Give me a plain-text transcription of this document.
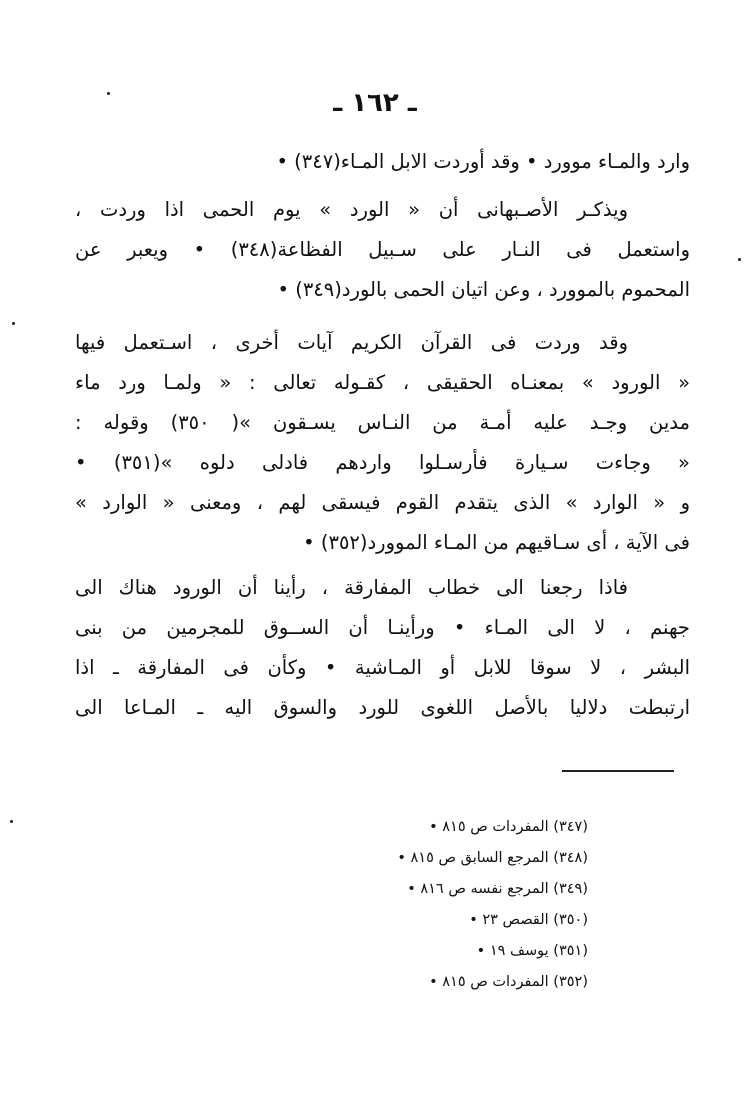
ـ ١٦٢ ـ
وارد والمـاء موورد • وقد أوردت الابل المـاء(٣٤٧) •
ويذكـر الأصـبهانى أن « الورد » يوم الحمى اذا وردت ،
واستعمل فى النـار على سـبيل الفظاعة(٣٤٨) • ويعبر عن
المحموم بالموورد ، وعن اتيان الحمى بالورد(٣٤٩) •
وقد وردت فى القرآن الكريم آيات أخرى ، اسـتعمل فيها
« الورود » بمعنـاه الحقيقى ، كقـوله تعالى : « ولمـا ورد ماء
مدين وجـد عليه أمـة من النـاس يسـقون »( ٣٥٠) وقوله :
« وجاءت سـيارة فأرسـلوا واردهم فادلى دلوه »(٣٥١) •
و « الوارد » الذى يتقدم القوم فيسقى لهم ، ومعنى « الوارد »
فى الآية ، أى سـاقيهم من المـاء الموورد(٣٥٢) •
فاذا رجعنا الى خطاب المفارقة ، رأينا أن الورود هناك الى
جهنم ، لا الى المـاء • ورأينـا أن الســوق للمجرمين من بنى
البشر ، لا سوقا للابل أو المـاشية • وكأن فى المفارقة ـ اذا
ارتبطت دلاليا بالأصل اللغوى للورد والسوق اليه ـ المـاعا الى
(٣٤٧) المفردات ص ٨١٥ •
(٣٤٨) المرجع السابق ص ٨١٥ •
(٣٤٩) المرجع نفسه ص ٨١٦ •
(٣٥٠) القصص ٢٣ •
(٣٥١) يوسف ١٩ •
(٣٥٢) المفردات ص ٨١٥ •
